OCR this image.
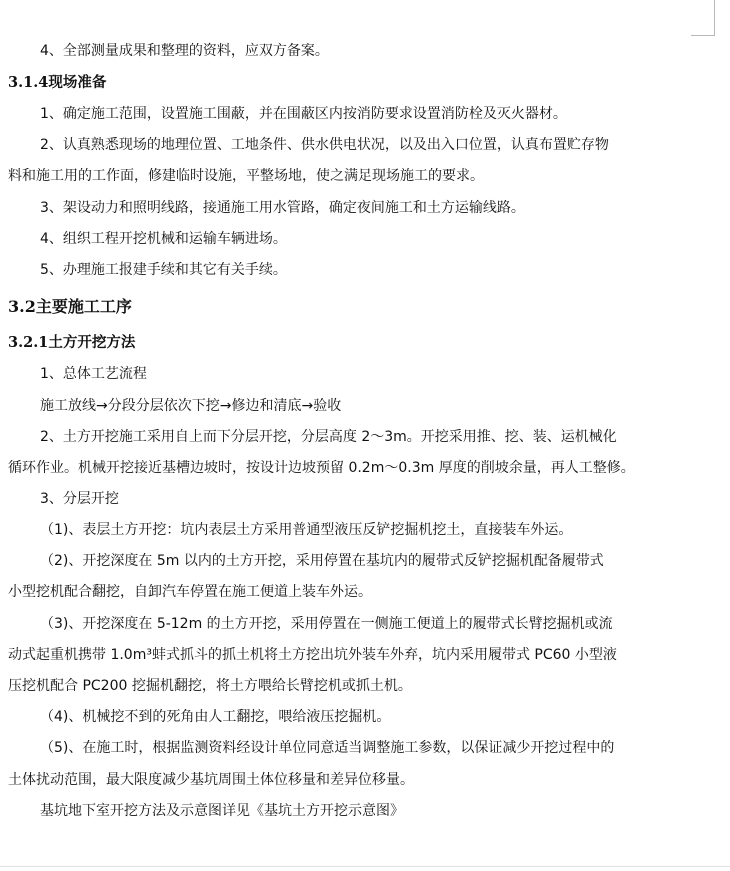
4、全部测量成果和整理的资料，应双方备案。
3.1.4现场准备
1、确定施工范围，设置施工围蔽，并在围蔽区内按消防要求设置消防栓及灭火器材。
2、认真熟悉现场的地理位置、工地条件、供水供电状况，以及出入口位置，认真布置贮存物
料和施工用的工作面，修建临时设施，平整场地，使之满足现场施工的要求。
3、架设动力和照明线路，接通施工用水管路，确定夜间施工和土方运输线路。
4、组织工程开挖机械和运输车辆进场。
5、办理施工报建手续和其它有关手续。
3.2主要施工工序
3.2.1土方开挖方法
1、总体工艺流程
施工放线→分段分层依次下挖→修边和清底→验收
2、土方开挖施工采用自上而下分层开挖，分层高度 2～3m。开挖采用推、挖、装、运机械化
循环作业。机械开挖接近基槽边坡时，按设计边坡预留 0.2m～0.3m 厚度的削坡余量，再人工整修。
3、分层开挖
（1)、表层土方开挖：坑内表层土方采用普通型液压反铲挖掘机挖土，直接装车外运。
（2)、开挖深度在 5m 以内的土方开挖，采用停置在基坑内的履带式反铲挖掘机配备履带式
小型挖机配合翻挖，自卸汽车停置在施工便道上装车外运。
（3)、开挖深度在 5-12m 的土方开挖，采用停置在一侧施工便道上的履带式长臂挖掘机或流
动式起重机携带 1.0m³蚌式抓斗的抓土机将土方挖出坑外装车外弃，坑内采用履带式 PC60 小型液
压挖机配合 PC200 挖掘机翻挖，将土方喂给长臂挖机或抓土机。
（4)、机械挖不到的死角由人工翻挖，喂给液压挖掘机。
（5)、在施工时，根据监测资料经设计单位同意适当调整施工参数，以保证减少开挖过程中的
土体扰动范围，最大限度减少基坑周围土体位移量和差异位移量。
基坑地下室开挖方法及示意图详见《基坑土方开挖示意图》
